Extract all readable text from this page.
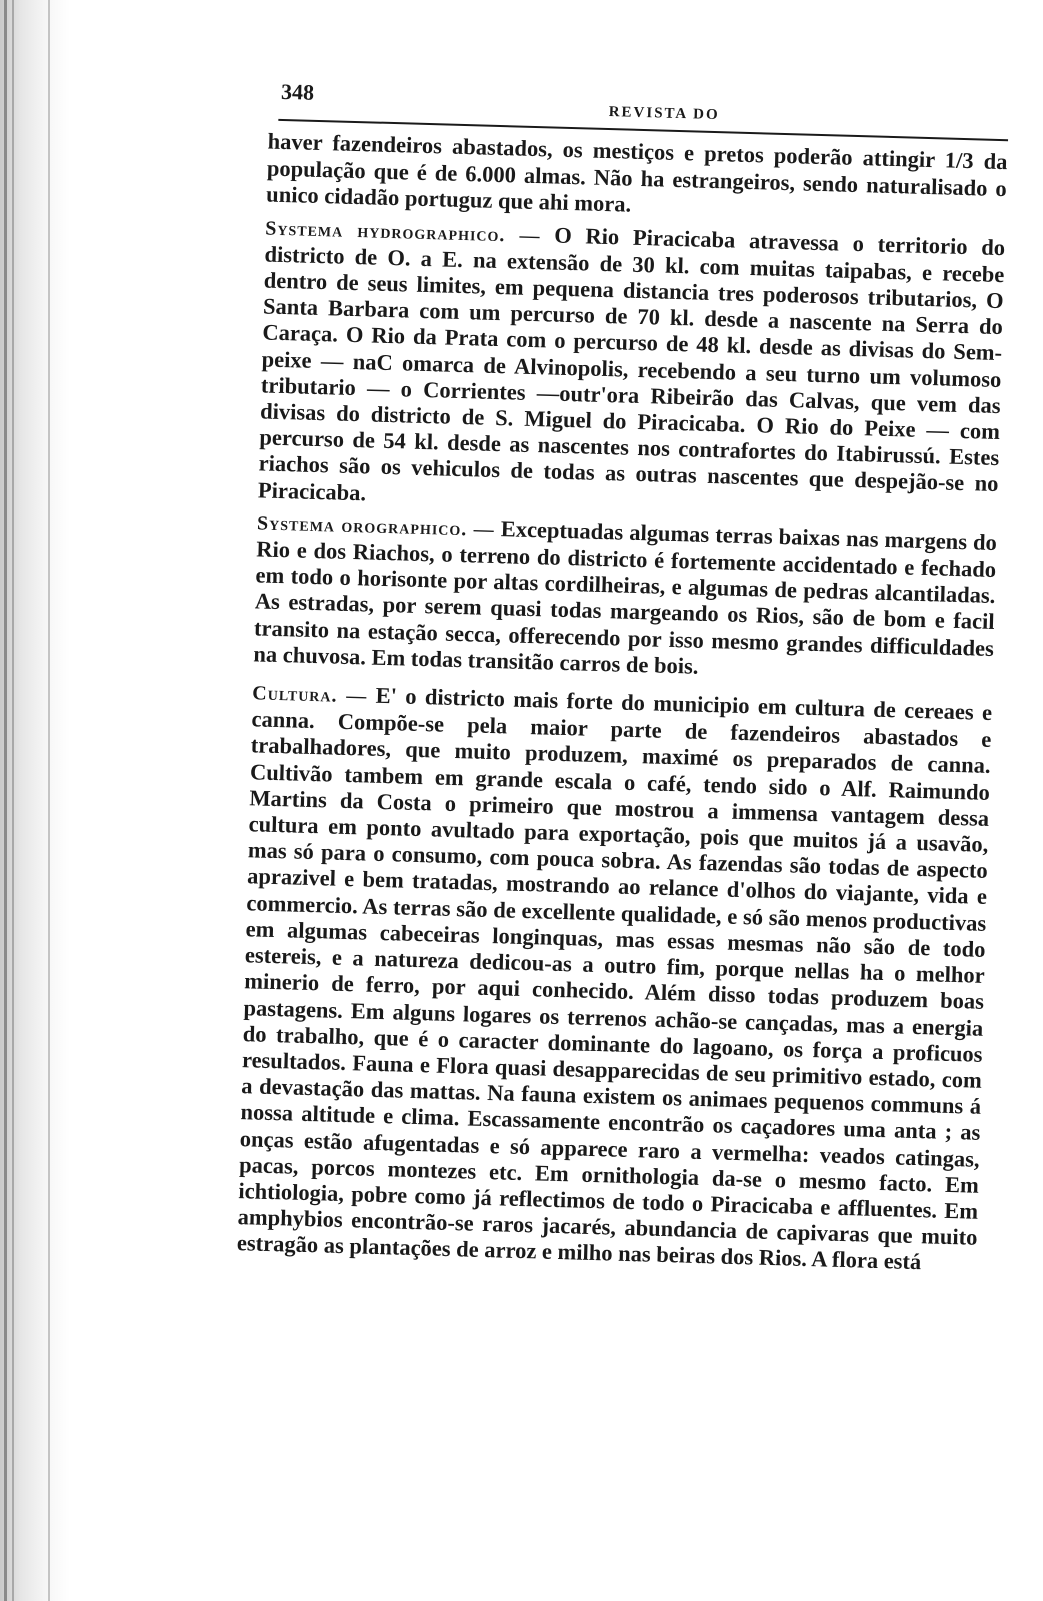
348
REVISTA DO

haver fazendeiros abastados, os mestiços e pretos poderão attingir 1/3 da população que é de 6.000 almas. Não ha estrangeiros, sendo naturalisado o unico cidadão portuguz que ahi mora.

Systema hydrographico. — O Rio Piracicaba atravessa o territorio do districto de O. a E. na extensão de 30 kl. com muitas taipabas, e recebe dentro de seus limites, em pequena distancia tres poderosos tributarios, O Santa Barbara com um percurso de 70 kl. desde a nascente na Serra do Caraça. O Rio da Prata com o percurso de 48 kl. desde as divisas do Sem-peixe — naC omarca de Alvinopolis, recebendo a seu turno um volumoso tributario — o Corrientes —outr'ora Ribeirão das Calvas, que vem das divisas do districto de S. Miguel do Piracicaba. O Rio do Peixe — com percurso de 54 kl. desde as nascentes nos contrafortes do Itabirussú. Estes riachos são os vehiculos de todas as outras nascentes que despejão-se no Piracicaba.

Systema orographico. — Exceptuadas algumas terras baixas nas margens do Rio e dos Riachos, o terreno do districto é fortemente accidentado e fechado em todo o horisonte por altas cordilheiras, e algumas de pedras alcantiladas. As estradas, por serem quasi todas margeando os Rios, são de bom e facil transito na estação secca, offerecendo por isso mesmo grandes difficuldades na chuvosa. Em todas transitão carros de bois.

Cultura. — E' o districto mais forte do municipio em cultura de cereaes e canna. Compõe-se pela maior parte de fazendeiros abastados e trabalhadores, que muito produzem, maximé os preparados de canna. Cultivão tambem em grande escala o café, tendo sido o Alf. Raimundo Martins da Costa o primeiro que mostrou a immensa vantagem dessa cultura em ponto avultado para exportação, pois que muitos já a usavão, mas só para o consumo, com pouca sobra. As fazendas são todas de aspecto aprazivel e bem tratadas, mostrando ao relance d'olhos do viajante, vida e commercio. As terras são de excellente qualidade, e só são menos productivas em algumas cabeceiras longinquas, mas essas mesmas não são de todo estereis, e a natureza dedicou-as a outro fim, porque nellas ha o melhor minerio de ferro, por aqui conhecido. Além disso todas produzem boas pastagens. Em alguns logares os terrenos achão-se cançadas, mas a energia do trabalho, que é o caracter dominante do lagoano, os força a proficuos resultados. Fauna e Flora quasi desapparecidas de seu primitivo estado, com a devastação das mattas. Na fauna existem os animaes pequenos communs á nossa altitude e clima. Escassamente encontrão os caçadores uma anta ; as onças estão afugentadas e só apparece raro a vermelha: veados catingas, pacas, porcos montezes etc. Em ornithologia da-se o mesmo facto. Em ichtiologia, pobre como já reflectimos de todo o Piracicaba e affluentes. Em amphybios encontrão-se raros jacarés, abundancia de capivaras que muito estragão as plantações de arroz e milho nas beiras dos Rios. A flora está
